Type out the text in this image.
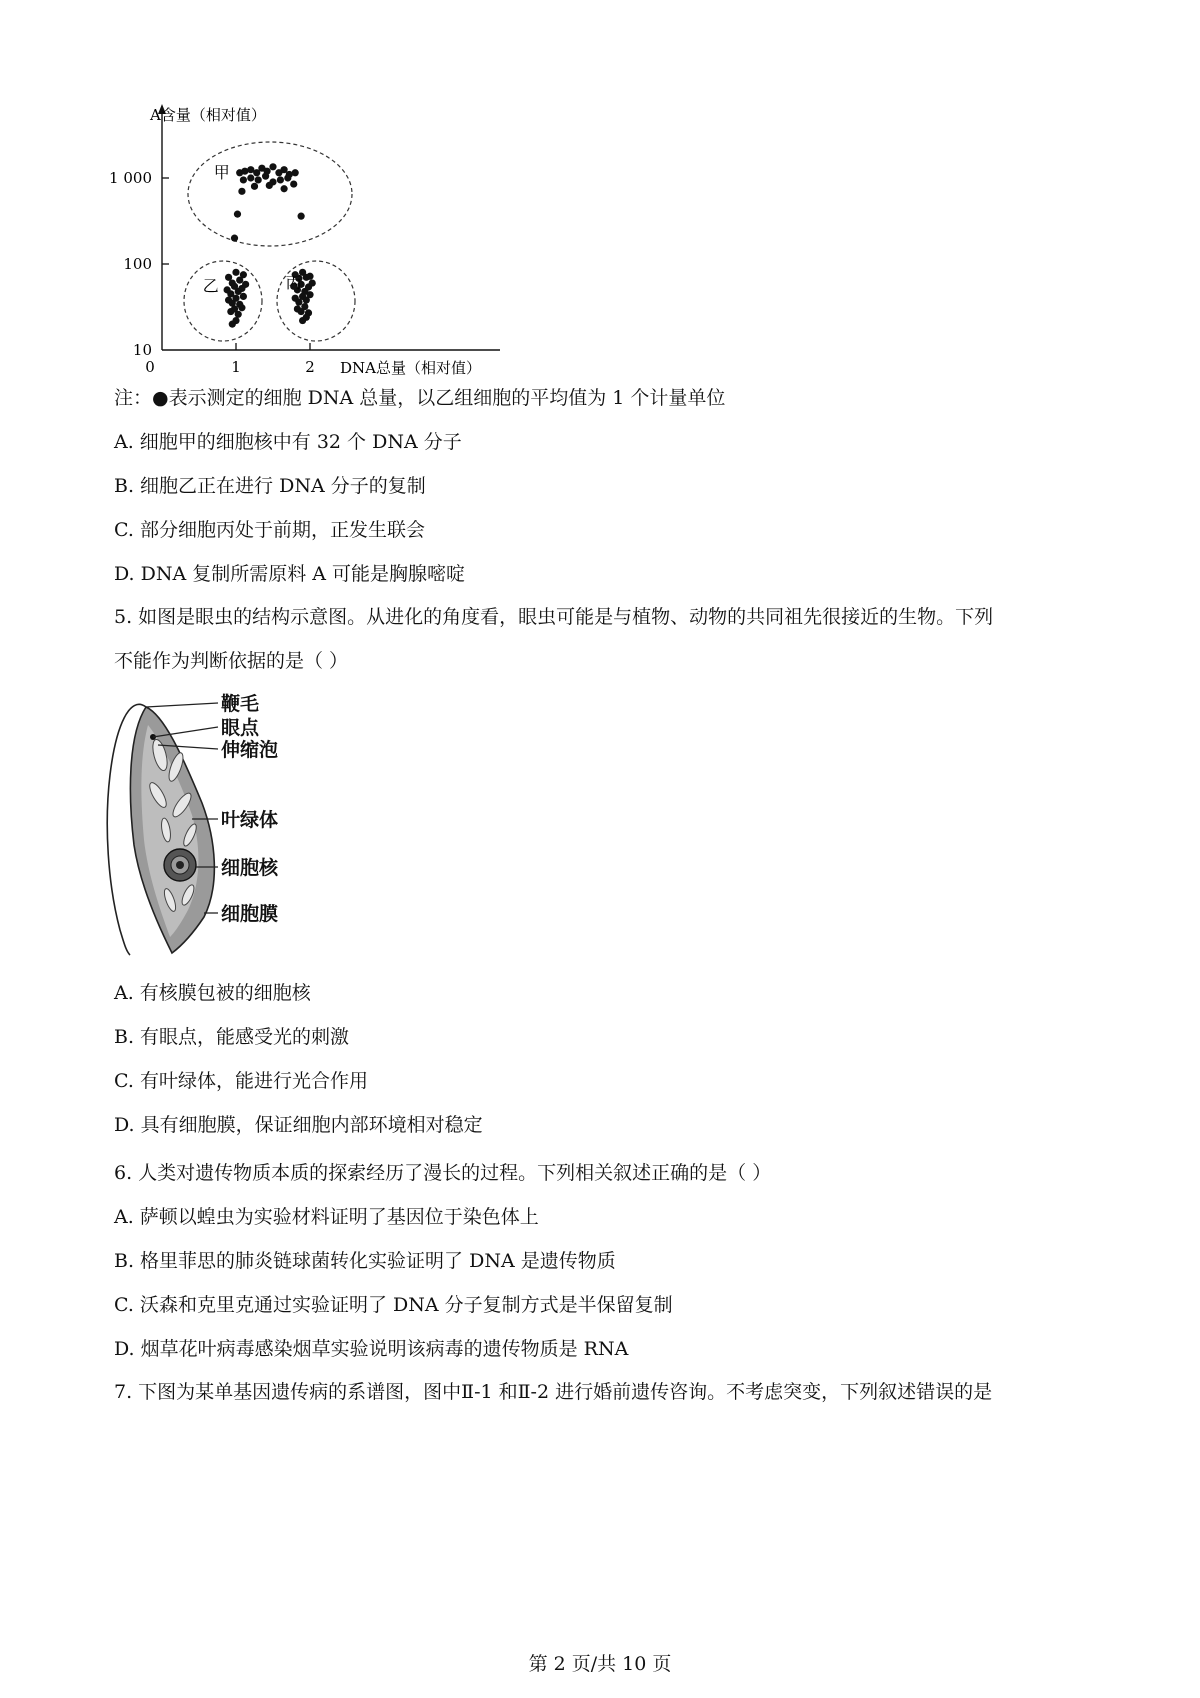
A含量（相对值）
DNA总量（相对值）
1 000
100
10
0	1	2
甲
乙	丙
注：●表示测定的细胞 DNA 总量，以乙组细胞的平均值为 1 个计量单位
A. 细胞甲的细胞核中有 32 个 DNA 分子
B. 细胞乙正在进行 DNA 分子的复制
C. 部分细胞丙处于前期，正发生联会
D. DNA 复制所需原料 A 可能是胸腺嘧啶
5. 如图是眼虫的结构示意图。从进化的角度看，眼虫可能是与植物、动物的共同祖先很接近的生物。下列
不能作为判断依据的是（ ）
鞭毛
眼点
伸缩泡
叶绿体
细胞核
细胞膜
A. 有核膜包被的细胞核
B. 有眼点，能感受光的刺激
C. 有叶绿体，能进行光合作用
D. 具有细胞膜，保证细胞内部环境相对稳定
6. 人类对遗传物质本质的探索经历了漫长的过程。下列相关叙述正确的是（ ）
A. 萨顿以蝗虫为实验材料证明了基因位于染色体上
B. 格里菲思的肺炎链球菌转化实验证明了 DNA 是遗传物质
C. 沃森和克里克通过实验证明了 DNA 分子复制方式是半保留复制
D. 烟草花叶病毒感染烟草实验说明该病毒的遗传物质是 RNA
7. 下图为某单基因遗传病的系谱图，图中Ⅱ-1 和Ⅱ-2 进行婚前遗传咨询。不考虑突变，下列叙述错误的是
第 2 页/共 10 页
